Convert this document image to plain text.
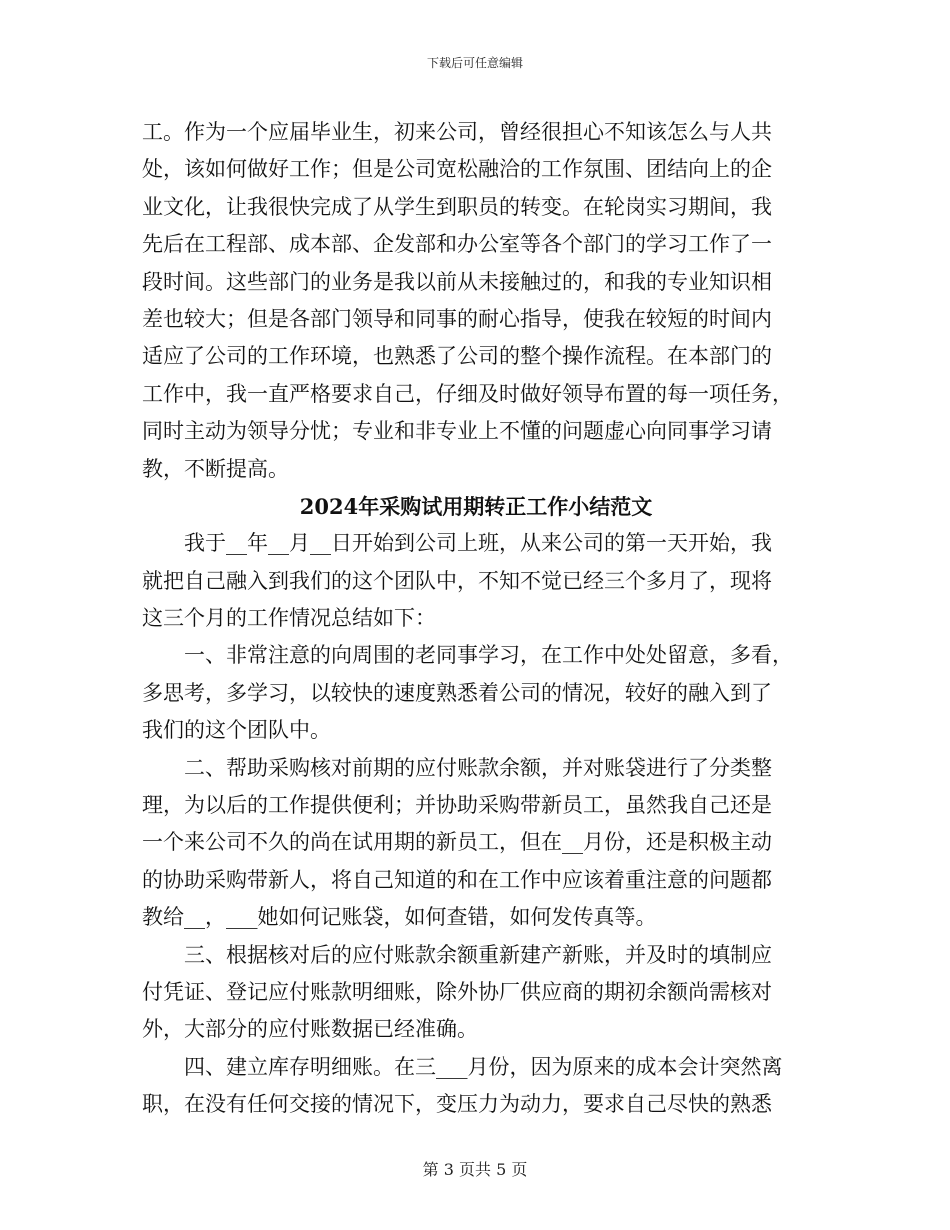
下载后可任意编辑
工。作为一个应届毕业生，初来公司，曾经很担心不知该怎么与人共
处，该如何做好工作；但是公司宽松融洽的工作氛围、团结向上的企
业文化，让我很快完成了从学生到职员的转变。在轮岗实习期间，我
先后在工程部、成本部、企发部和办公室等各个部门的学习工作了一
段时间。这些部门的业务是我以前从未接触过的，和我的专业知识相
差也较大；但是各部门领导和同事的耐心指导，使我在较短的时间内
适应了公司的工作环境，也熟悉了公司的整个操作流程。在本部门的
工作中，我一直严格要求自己，仔细及时做好领导布置的每一项任务，
同时主动为领导分忧；专业和非专业上不懂的问题虚心向同事学习请
教，不断提高。
2024年采购试用期转正工作小结范文
　　我于__年__月__日开始到公司上班，从来公司的第一天开始，我
就把自己融入到我们的这个团队中，不知不觉已经三个多月了，现将
这三个月的工作情况总结如下：
　　一、非常注意的向周围的老同事学习，在工作中处处留意，多看，
多思考，多学习，以较快的速度熟悉着公司的情况，较好的融入到了
我们的这个团队中。
　　二、帮助采购核对前期的应付账款余额，并对账袋进行了分类整
理，为以后的工作提供便利；并协助采购带新员工，虽然我自己还是
一个来公司不久的尚在试用期的新员工，但在__月份，还是积极主动
的协助采购带新人，将自己知道的和在工作中应该着重注意的问题都
教给__，___她如何记账袋，如何查错，如何发传真等。
　　三、根据核对后的应付账款余额重新建产新账，并及时的填制应
付凭证、登记应付账款明细账，除外协厂供应商的期初余额尚需核对
外，大部分的应付账数据已经准确。
　　四、建立库存明细账。在三___月份，因为原来的成本会计突然离
职，在没有任何交接的情况下，变压力为动力，要求自己尽快的熟悉
第 3 页共 5 页
